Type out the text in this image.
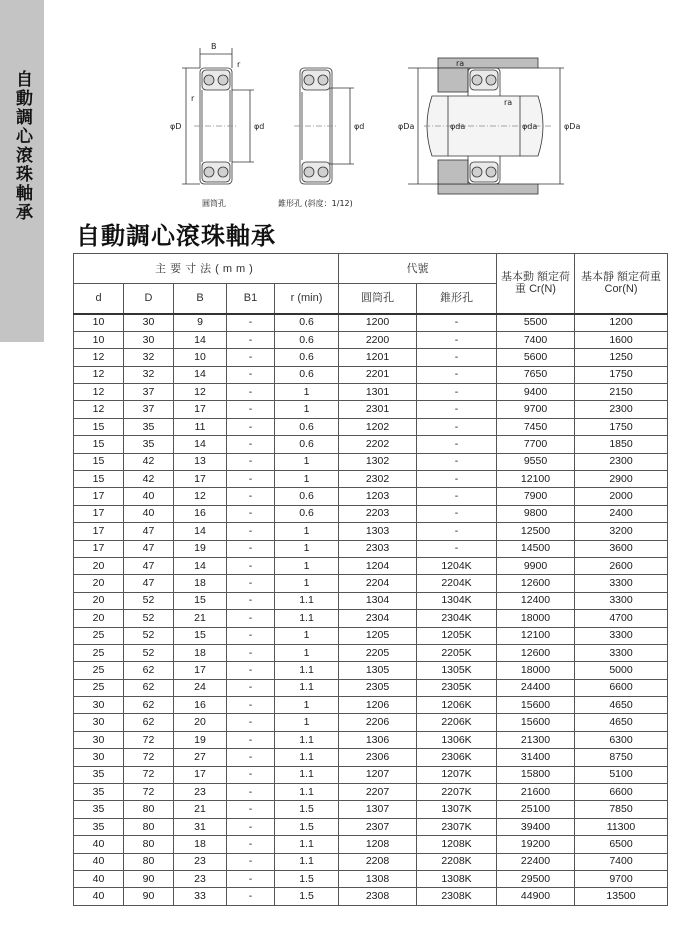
自動調心滾珠軸承
B
r
r
φD	φd
圓筒孔
φd
錐形孔 (斜度：1/12)
ra
ra
φDa	φda	φda	φDa
自動調心滾珠軸承
主要寸法(mm)					代號		基本動 額定荷重 Cr(N)	基本靜 額定荷重 Cor(N)
d	D	B	B1	r (min)	圓筒孔	錐形孔		
10	30	9	-	0.6	1200	-	5500	1200
10	30	14	-	0.6	2200	-	7400	1600
12	32	10	-	0.6	1201	-	5600	1250
12	32	14	-	0.6	2201	-	7650	1750
12	37	12	-	1	1301	-	9400	2150
12	37	17	-	1	2301	-	9700	2300
15	35	11	-	0.6	1202	-	7450	1750
15	35	14	-	0.6	2202	-	7700	1850
15	42	13	-	1	1302	-	9550	2300
15	42	17	-	1	2302	-	12100	2900
17	40	12	-	0.6	1203	-	7900	2000
17	40	16	-	0.6	2203	-	9800	2400
17	47	14	-	1	1303	-	12500	3200
17	47	19	-	1	2303	-	14500	3600
20	47	14	-	1	1204	1204K	9900	2600
20	47	18	-	1	2204	2204K	12600	3300
20	52	15	-	1.1	1304	1304K	12400	3300
20	52	21	-	1.1	2304	2304K	18000	4700
25	52	15	-	1	1205	1205K	12100	3300
25	52	18	-	1	2205	2205K	12600	3300
25	62	17	-	1.1	1305	1305K	18000	5000
25	62	24	-	1.1	2305	2305K	24400	6600
30	62	16	-	1	1206	1206K	15600	4650
30	62	20	-	1	2206	2206K	15600	4650
30	72	19	-	1.1	1306	1306K	21300	6300
30	72	27	-	1.1	2306	2306K	31400	8750
35	72	17	-	1.1	1207	1207K	15800	5100
35	72	23	-	1.1	2207	2207K	21600	6600
35	80	21	-	1.5	1307	1307K	25100	7850
35	80	31	-	1.5	2307	2307K	39400	11300
40	80	18	-	1.1	1208	1208K	19200	6500
40	80	23	-	1.1	2208	2208K	22400	7400
40	90	23	-	1.5	1308	1308K	29500	9700
40	90	33	-	1.5	2308	2308K	44900	13500
